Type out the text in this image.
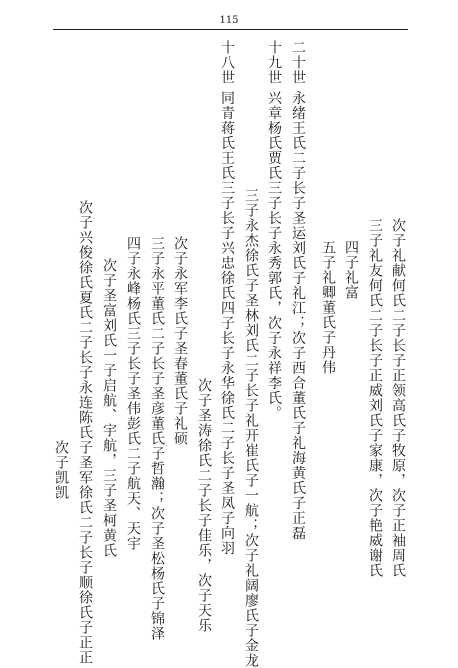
115
次子礼献何氏二子长子正领高氏子牧原，次子正袖周氏
三子礼友何氏二子长子正威刘氏子家康，次子艳威谢氏
四子礼富
五子礼卿董氏子丹伟
二十世 永绪王氏二子长子圣运刘氏子礼江；次子西合董氏子礼海黄氏子正磊
十九世 兴章杨氏贾氏三子长子永秀郭氏，次子永祥李氏。
三子永杰徐氏子圣林刘氏二子长子礼开崔氏子一航；次子礼阔廖氏子金龙
十八世 同青蒋氏王氏三子长子兴忠徐氏四子长子永华徐氏二子长子圣凤子向羽
次子圣涛徐氏二子长子佳乐，次子天乐
次子永军李氏子圣春董氏子礼硕
三子永平董氏二子长子圣彦董氏子哲瀚；次子圣松杨氏子锦泽
四子永峰杨氏三子长子圣伟彭氏二子航天、天宇
次子圣富刘氏一子启航、宇航，三子圣柯黄氏
次子兴俊徐氏夏氏二子长子永连陈氏子圣军徐氏二子长子顺徐氏子正正
次子凯凯
